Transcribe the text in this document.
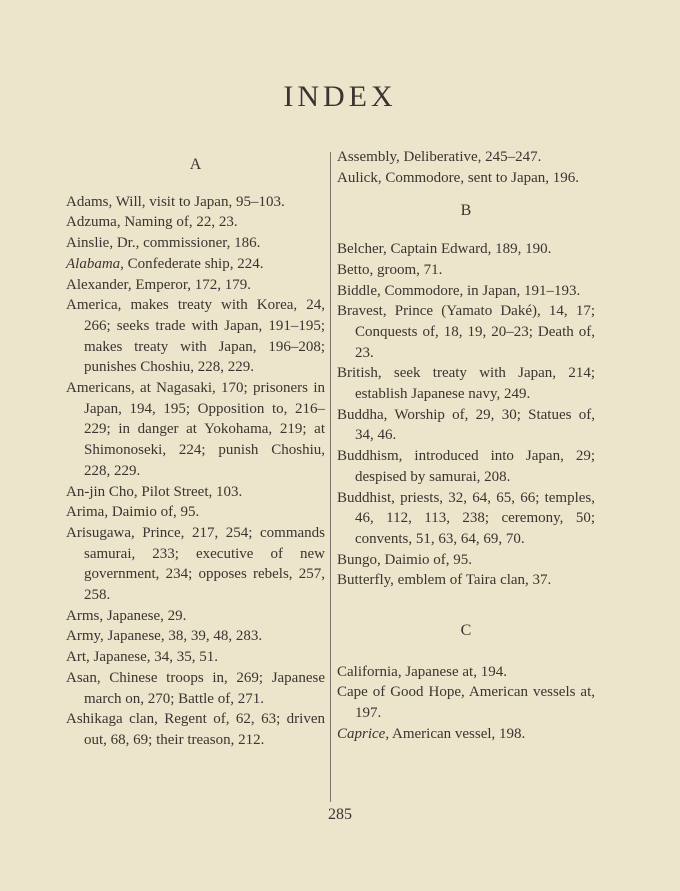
INDEX

A

Adams, Will, visit to Japan, 95–103.

Adzuma, Naming of, 22, 23.

Ainslie, Dr., commissioner, 186.

Alabama, Confederate ship, 224.

Alexander, Emperor, 172, 179.

America, makes treaty with Korea, 24, 266; seeks trade with Japan, 191–195; makes treaty with Japan, 196–208; punishes Choshiu, 228, 229.

Americans, at Nagasaki, 170; prisoners in Japan, 194, 195; Opposition to, 216–229; in danger at Yokohama, 219; at Shimonoseki, 224; punish Choshiu, 228, 229.

An-jin Cho, Pilot Street, 103.

Arima, Daimio of, 95.

Arisugawa, Prince, 217, 254; commands samurai, 233; executive of new government, 234; opposes rebels, 257, 258.

Arms, Japanese, 29.

Army, Japanese, 38, 39, 48, 283.

Art, Japanese, 34, 35, 51.

Asan, Chinese troops in, 269; Japanese march on, 270; Battle of, 271.

Ashikaga clan, Regent of, 62, 63; driven out, 68, 69; their treason, 212.

Assembly, Deliberative, 245–247.

Aulick, Commodore, sent to Japan, 196.

B

Belcher, Captain Edward, 189, 190.

Betto, groom, 71.

Biddle, Commodore, in Japan, 191–193.

Bravest, Prince (Yamato Daké), 14, 17; Conquests of, 18, 19, 20–23; Death of, 23.

British, seek treaty with Japan, 214; establish Japanese navy, 249.

Buddha, Worship of, 29, 30; Statues of, 34, 46.

Buddhism, introduced into Japan, 29; despised by samurai, 208.

Buddhist, priests, 32, 64, 65, 66; temples, 46, 112, 113, 238; ceremony, 50; convents, 51, 63, 64, 69, 70.

Bungo, Daimio of, 95.

Butterfly, emblem of Taira clan, 37.

C

California, Japanese at, 194.

Cape of Good Hope, American vessels at, 197.

Caprice, American vessel, 198.

285
